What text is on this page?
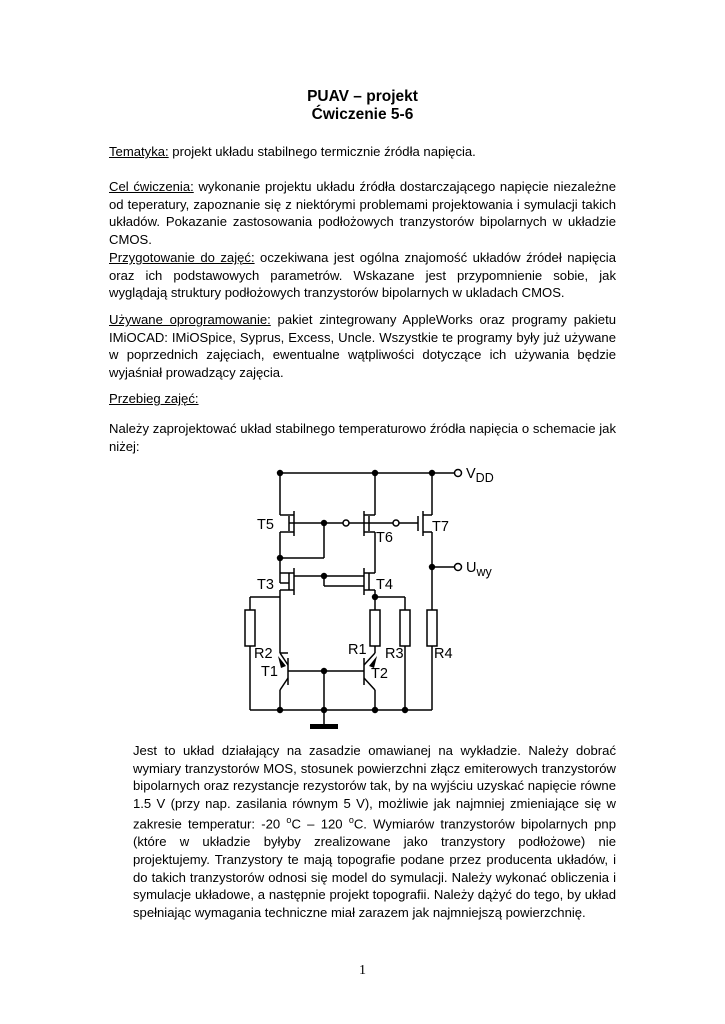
PUAV – projekt
Ćwiczenie 5-6
Tematyka: projekt układu stabilnego termicznie źródła napięcia.
Cel ćwiczenia: wykonanie projektu układu źródła dostarczającego napięcie niezależne od teperatury, zapoznanie się z niektórymi problemami projektowania i symulacji takich układów. Pokazanie zastosowania podłożowych tranzystorów bipolarnych w układzie CMOS.
Przygotowanie do zajęć: oczekiwana jest ogólna znajomość układów źródeł napięcia oraz ich podstawowych parametrów. Wskazane jest przypomnienie sobie, jak wyglądają struktury podłożowych tranzystorów bipolarnych w ukladach CMOS.
Używane oprogramowanie: pakiet zintegrowany AppleWorks oraz programy pakietu IMiOCAD: IMiOSpice, Syprus, Excess, Uncle. Wszystkie te programy były już używane w poprzednich zajęciach, ewentualne wątpliwości dotyczące ich używania będzie wyjaśniał prowadzący zajęcia.
Przebieg zajęć:
Należy zaprojektować układ stabilnego temperaturowo źródła napięcia o schemacie jak niżej:
VDD
Uwy
T5
T6
T7
T3	T4
R2	R1 R3 R4
T1	T2
Jest to układ działający na zasadzie omawianej na wykładzie. Należy dobrać wymiary tranzystorów MOS, stosunek powierzchni złącz emiterowych tranzystorów bipolarnych oraz rezystancje rezystorów tak, by na wyjściu uzyskać napięcie równe 1.5 V (przy nap. zasilania równym 5 V), możliwie jak najmniej zmieniające się w zakresie temperatur: -20 $^o$C – 120 $^o$C. Wymiarów tranzystorów bipolarnych pnp (które w układzie byłyby zrealizowane jako tranzystory podłożowe) nie projektujemy. Tranzystory te mają topografie podane przez producenta układów, i do takich tranzystorów odnosi się model do symulacji. Należy wykonać obliczenia i symulacje układowe, a następnie projekt topografii. Należy dążyć do tego, by układ spełniając wymagania techniczne miał zarazem jak najmniejszą powierzchnię.
1
